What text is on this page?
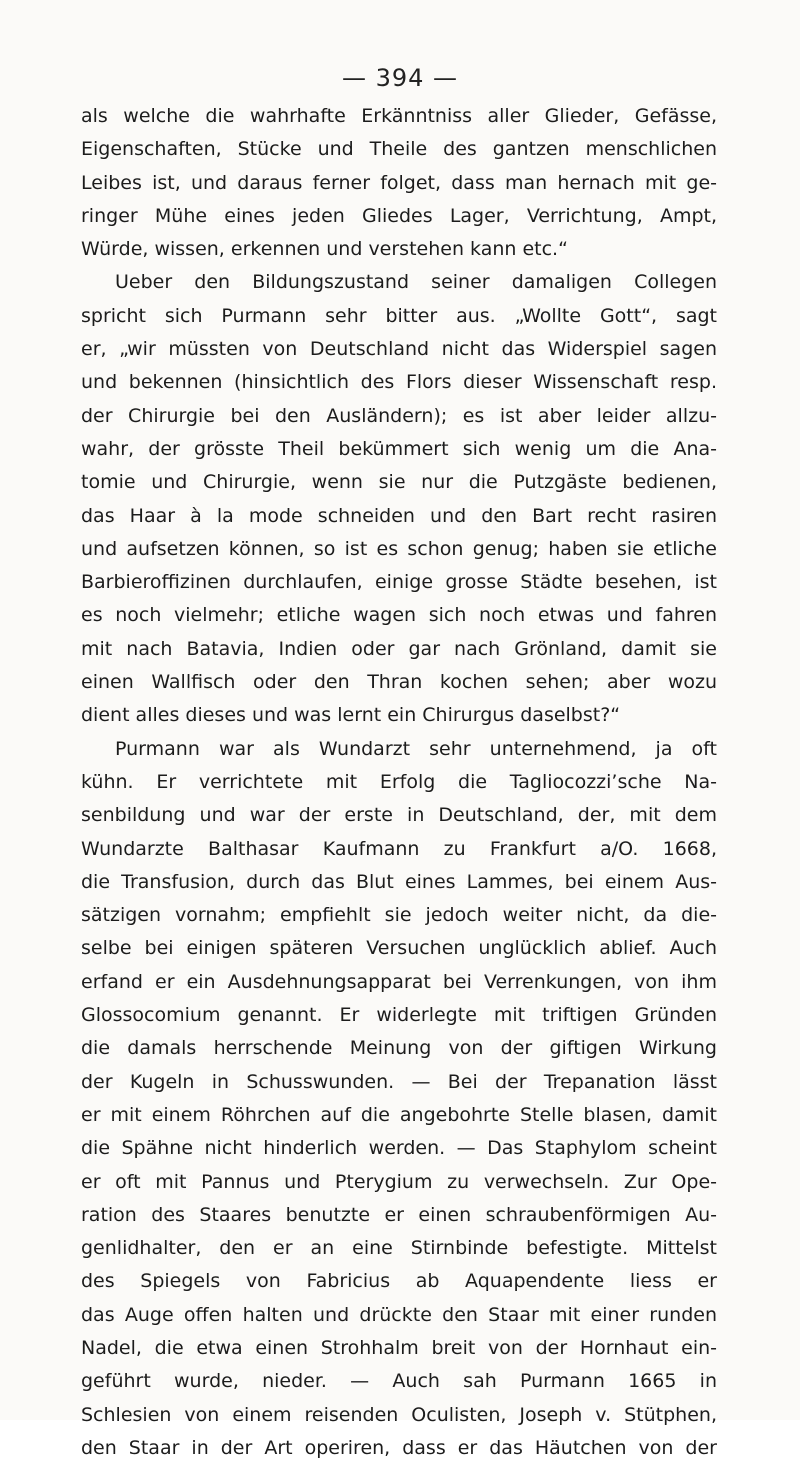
— 394 —
als welche die wahrhafte Erkänntniss aller Glieder, Gefässe,
Eigenschaften, Stücke und Theile des gantzen menschlichen
Leibes ist, und daraus ferner folget, dass man hernach mit ge-
ringer Mühe eines jeden Gliedes Lager, Verrichtung, Ampt,
Würde, wissen, erkennen und verstehen kann etc.“
Ueber den Bildungszustand seiner damaligen Collegen
spricht sich Purmann sehr bitter aus. „Wollte Gott“, sagt
er, „wir müssten von Deutschland nicht das Widerspiel sagen
und bekennen (hinsichtlich des Flors dieser Wissenschaft resp.
der Chirurgie bei den Ausländern); es ist aber leider allzu-
wahr, der grösste Theil bekümmert sich wenig um die Ana-
tomie und Chirurgie, wenn sie nur die Putzgäste bedienen,
das Haar à la mode schneiden und den Bart recht rasiren
und aufsetzen können, so ist es schon genug; haben sie etliche
Barbieroffizinen durchlaufen, einige grosse Städte besehen, ist
es noch vielmehr; etliche wagen sich noch etwas und fahren
mit nach Batavia, Indien oder gar nach Grönland, damit sie
einen Wallfisch oder den Thran kochen sehen; aber wozu
dient alles dieses und was lernt ein Chirurgus daselbst?“
Purmann war als Wundarzt sehr unternehmend, ja oft
kühn. Er verrichtete mit Erfolg die Tagliocozzi’sche Na-
senbildung und war der erste in Deutschland, der, mit dem
Wundarzte Balthasar Kaufmann zu Frankfurt a/O. 1668,
die Transfusion, durch das Blut eines Lammes, bei einem Aus-
sätzigen vornahm; empfiehlt sie jedoch weiter nicht, da die-
selbe bei einigen späteren Versuchen unglücklich ablief. Auch
erfand er ein Ausdehnungsapparat bei Verrenkungen, von ihm
Glossocomium genannt. Er widerlegte mit triftigen Gründen
die damals herrschende Meinung von der giftigen Wirkung
der Kugeln in Schusswunden. — Bei der Trepanation lässt
er mit einem Röhrchen auf die angebohrte Stelle blasen, damit
die Spähne nicht hinderlich werden. — Das Staphylom scheint
er oft mit Pannus und Pterygium zu verwechseln. Zur Ope-
ration des Staares benutzte er einen schraubenförmigen Au-
genlidhalter, den er an eine Stirnbinde befestigte. Mittelst
des Spiegels von Fabricius ab Aquapendente liess er
das Auge offen halten und drückte den Staar mit einer runden
Nadel, die etwa einen Strohhalm breit von der Hornhaut ein-
geführt wurde, nieder. — Auch sah Purmann 1665 in
Schlesien von einem reisenden Oculisten, Joseph v. Stütphen,
den Staar in der Art operiren, dass er das Häutchen von der
